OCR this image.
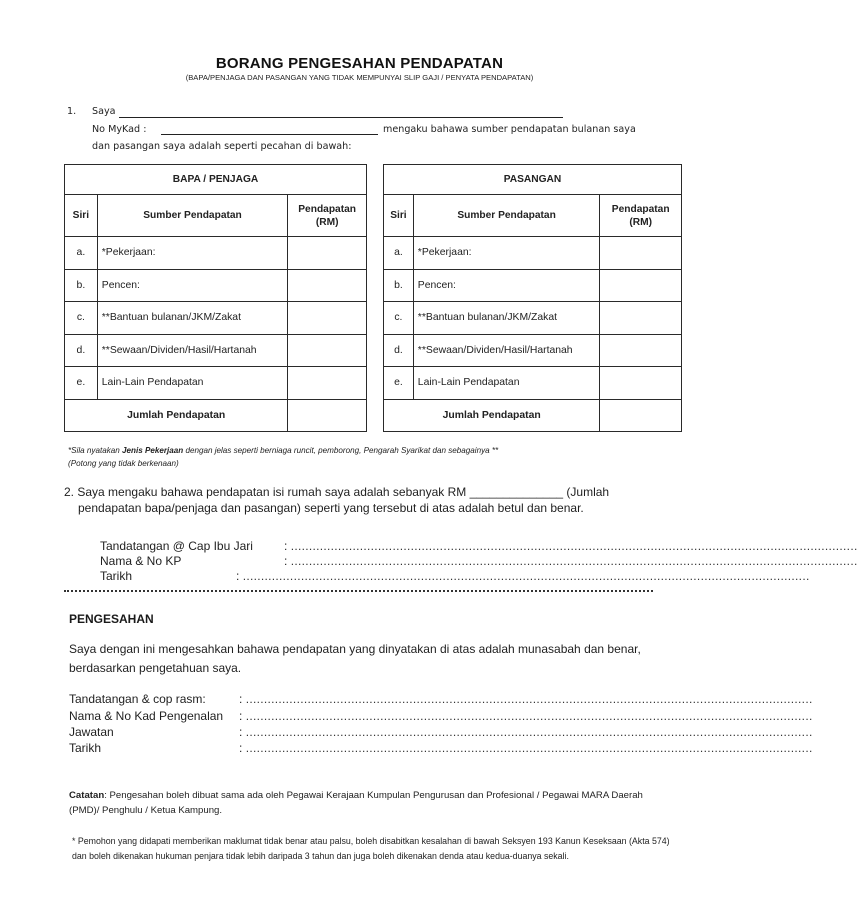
BORANG PENGESAHAN PENDAPATAN
(BAPA/PENJAGA DAN PASANGAN YANG TIDAK MEMPUNYAI SLIP GAJI / PENYATA PENDAPATAN)
1. Saya
No MyKad :	mengaku bahawa sumber pendapatan bulanan saya
dan pasangan saya adalah seperti pecahan di bawah:
BAPA / PENJAGA		
Siri	Sumber Pendapatan	Pendapatan
(RM)
a.	*Pekerjaan:	
b.	Pencen:	
c.	**Bantuan bulanan/JKM/Zakat	
d.	**Sewaan/Dividen/Hasil/Hartanah	
e.	Lain-Lain Pendapatan	
Jumlah Pendapatan		
PASANGAN		
Siri	Sumber Pendapatan	Pendapatan
(RM)
a.	*Pekerjaan:	
b.	Pencen:	
c.	**Bantuan bulanan/JKM/Zakat	
d.	**Sewaan/Dividen/Hasil/Hartanah	
e.	Lain-Lain Pendapatan	
Jumlah Pendapatan		
*Sila nyatakan Jenis Pekerjaan dengan jelas seperti berniaga runcit, pemborong, Pengarah Syarikat dan sebagainya **
(Potong yang tidak berkenaan)
2. Saya mengaku bahawa pendapatan isi rumah saya adalah sebanyak RM ______________ (Jumlah
pendapatan bapa/penjaga dan pasangan) seperti yang tersebut di atas adalah betul dan benar.
Tandatangan @ Cap Ibu Jari	: ............................................................................................................................................................
Nama & No KP	: ............................................................................................................................................................
Tarikh	: ............................................................................................................................................................
PENGESAHAN
Saya dengan ini mengesahkan bahawa pendapatan yang dinyatakan di atas adalah munasabah dan benar, berdasarkan pengetahuan saya.
Tandatangan & cop rasm:	: ............................................................................................................................................................
Nama & No Kad Pengenalan : ............................................................................................................................................................
Jawatan	: ............................................................................................................................................................
Tarikh	: ............................................................................................................................................................
Catatan: Pengesahan boleh dibuat sama ada oleh Pegawai Kerajaan Kumpulan Pengurusan dan Profesional / Pegawai MARA Daerah (PMD)/ Penghulu / Ketua Kampung.
* Pemohon yang didapati memberikan maklumat tidak benar atau palsu, boleh disabitkan kesalahan di bawah Seksyen 193 Kanun Keseksaan (Akta 574) dan boleh dikenakan hukuman penjara tidak lebih daripada 3 tahun dan juga boleh dikenakan denda atau kedua-duanya sekali.
